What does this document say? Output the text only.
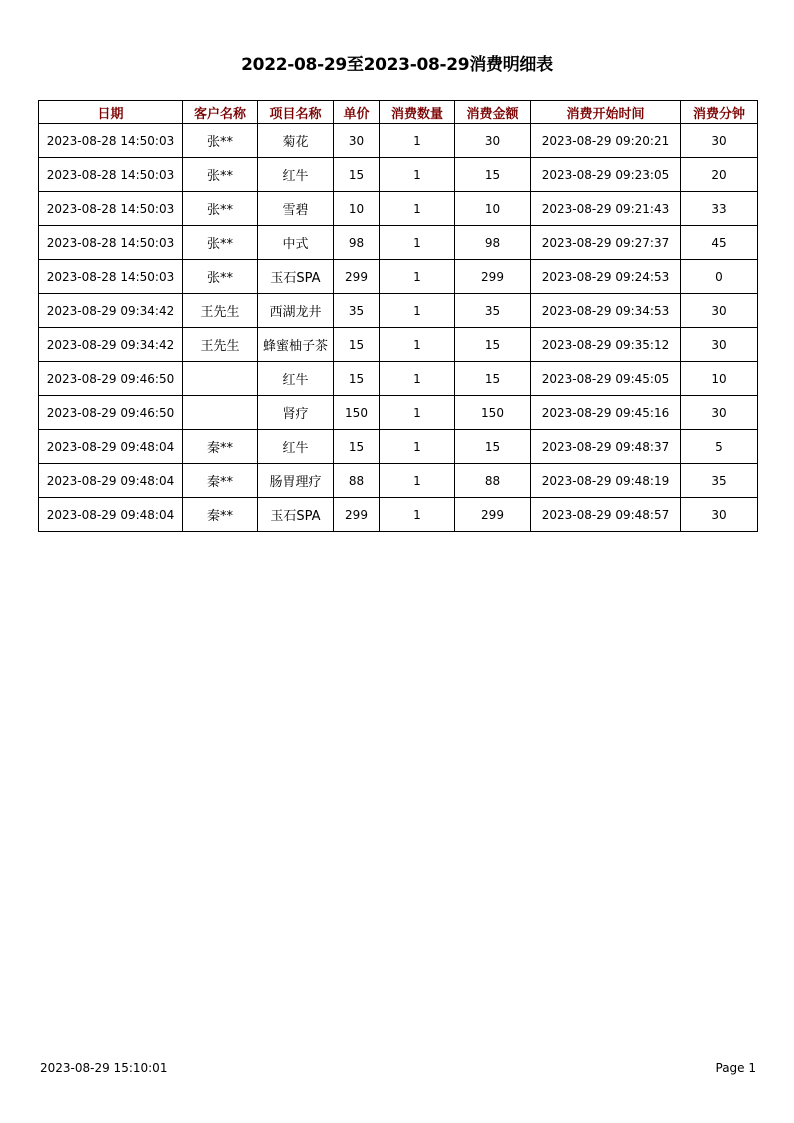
2022-08-29至2023-08-29消费明细表
日期	客户名称	项目名称	单价	消费数量	消费金额	消费开始时间	消费分钟
2023-08-28 14:50:03	张**	菊花	30	1	30	2023-08-29 09:20:21	30
2023-08-28 14:50:03	张**	红牛	15	1	15	2023-08-29 09:23:05	20
2023-08-28 14:50:03	张**	雪碧	10	1	10	2023-08-29 09:21:43	33
2023-08-28 14:50:03	张**	中式	98	1	98	2023-08-29 09:27:37	45
2023-08-28 14:50:03	张**	玉石SPA	299	1	299	2023-08-29 09:24:53	0
2023-08-29 09:34:42	王先生	西湖龙井	35	1	35	2023-08-29 09:34:53	30
2023-08-29 09:34:42	王先生	蜂蜜柚子茶	15	1	15	2023-08-29 09:35:12	30
2023-08-29 09:46:50		红牛	15	1	15	2023-08-29 09:45:05	10
2023-08-29 09:46:50		肾疗	150	1	150	2023-08-29 09:45:16	30
2023-08-29 09:48:04	秦**	红牛	15	1	15	2023-08-29 09:48:37	5
2023-08-29 09:48:04	秦**	肠胃理疗	88	1	88	2023-08-29 09:48:19	35
2023-08-29 09:48:04	秦**	玉石SPA	299	1	299	2023-08-29 09:48:57	30
2023-08-29 15:10:01	Page 1
